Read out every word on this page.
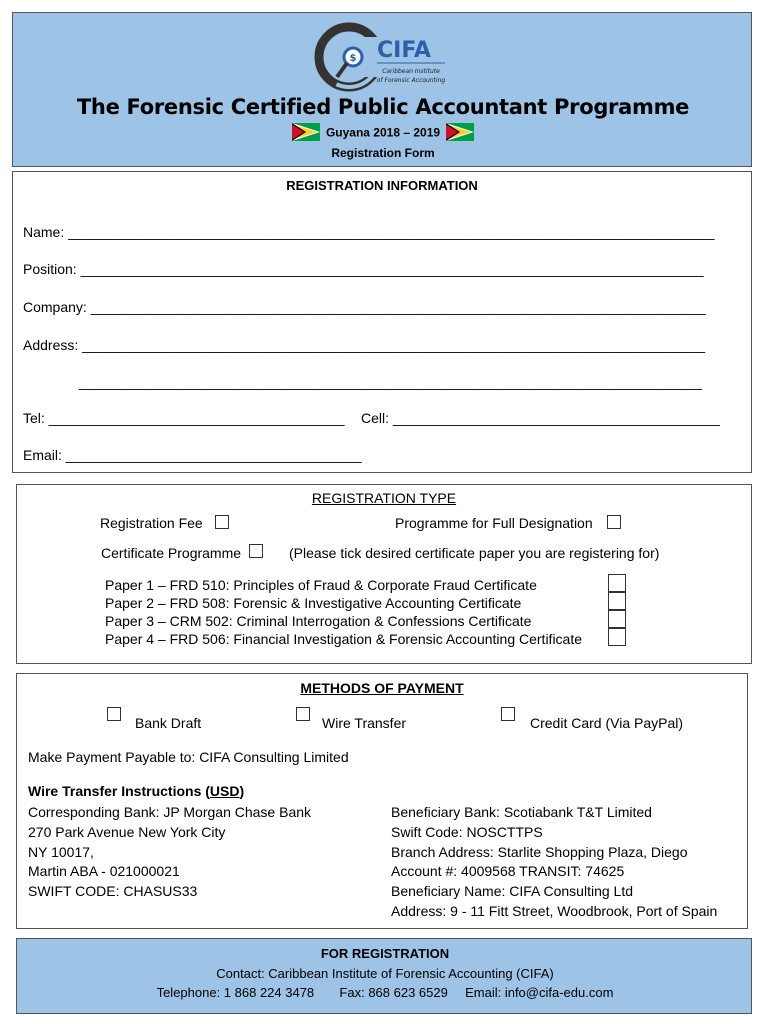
$ CIFA
Caribbean Institute
of Forensic Accounting
The Forensic Certified Public Accountant Programme
Guyana 2018 – 2019
Registration Form
REGISTRATION INFORMATION
Name: ___________________________________________________________________________________
Position: ________________________________________________________________________________
Company: _______________________________________________________________________________
Address: ________________________________________________________________________________
________________________________________________________________________________
Tel: ______________________________________ Cell: __________________________________________
Email: ______________________________________
REGISTRATION TYPE
Registration Fee	Programme for Full Designation
Certificate Programme	(Please tick desired certificate paper you are registering for)
Paper 1 – FRD 510: Principles of Fraud & Corporate Fraud Certificate
Paper 2 – FRD 508: Forensic & Investigative Accounting Certificate
Paper 3 – CRM 502: Criminal Interrogation & Confessions Certificate
Paper 4 – FRD 506: Financial Investigation & Forensic Accounting Certificate
METHODS OF PAYMENT
Bank Draft	Wire Transfer	Credit Card (Via PayPal)
Make Payment Payable to: CIFA Consulting Limited
Wire Transfer Instructions (USD)
Corresponding Bank: JP Morgan Chase Bank
270 Park Avenue New York City
NY 10017,
Martin ABA - 021000021
SWIFT CODE: CHASUS33
Beneficiary Bank: Scotiabank T&T Limited
Swift Code: NOSCTTPS
Branch Address: Starlite Shopping Plaza, Diego
Account #: 4009568 TRANSIT: 74625
Beneficiary Name: CIFA Consulting Ltd
Address: 9 - 11 Fitt Street, Woodbrook, Port of Spain
FOR REGISTRATION
Contact: Caribbean Institute of Forensic Accounting (CIFA)
Telephone: 1 868 224 3478 Fax: 868 623 6529 Email: info@cifa-edu.com
